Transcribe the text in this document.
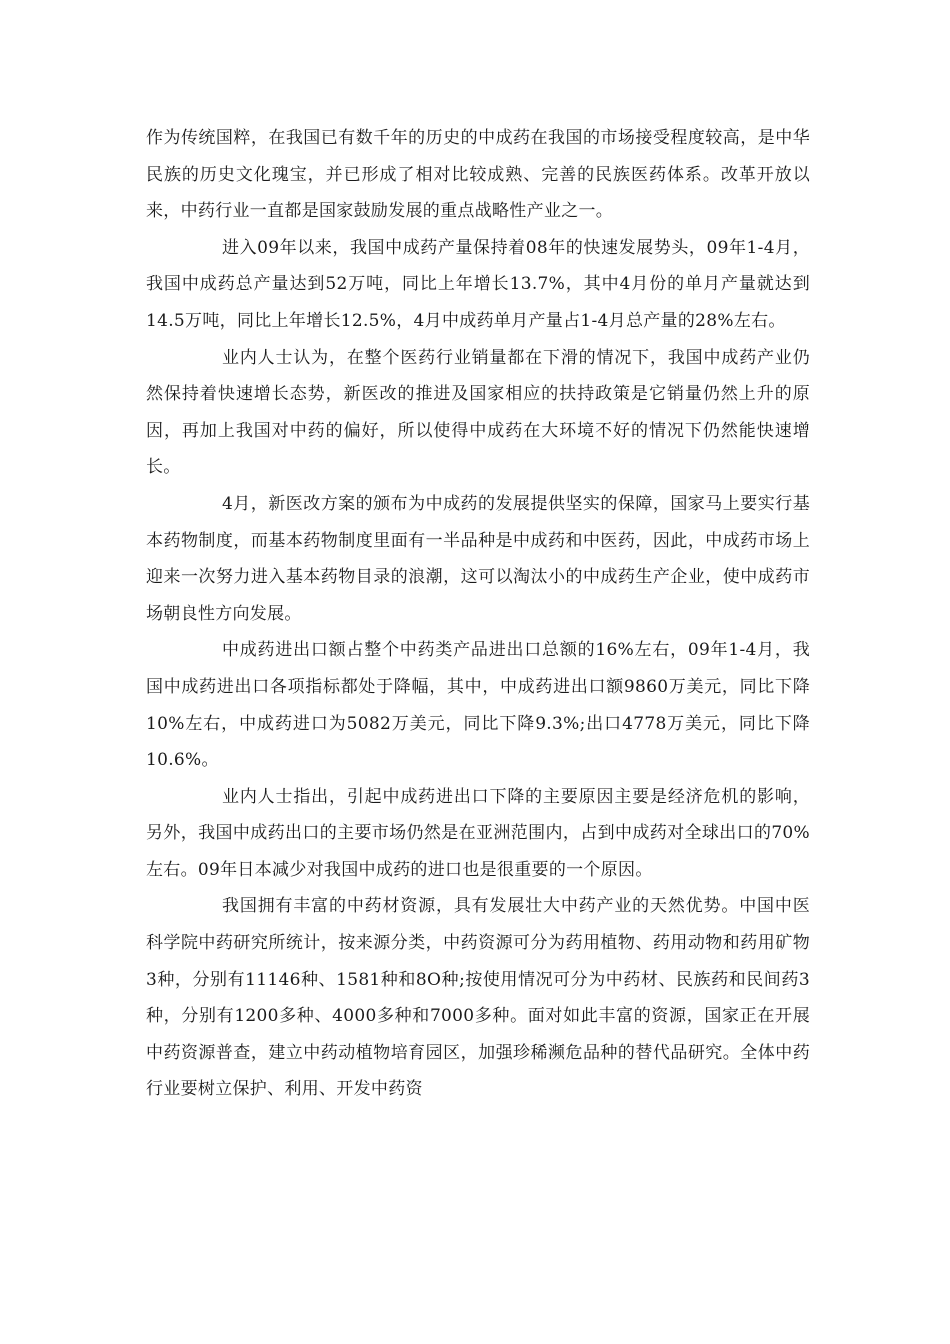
作为传统国粹，在我国已有数千年的历史的中成药在我国的市场接受程度较高，是中华民族的历史文化瑰宝，并已形成了相对比较成熟、完善的民族医药体系。改革开放以来，中药行业一直都是国家鼓励发展的重点战略性产业之一。

进入09年以来，我国中成药产量保持着08年的快速发展势头，09年1-4月，我国中成药总产量达到52万吨，同比上年增长13.7%，其中4月份的单月产量就达到14.5万吨，同比上年增长12.5%，4月中成药单月产量占1-4月总产量的28%左右。

业内人士认为，在整个医药行业销量都在下滑的情况下，我国中成药产业仍然保持着快速增长态势，新医改的推进及国家相应的扶持政策是它销量仍然上升的原因，再加上我国对中药的偏好，所以使得中成药在大环境不好的情况下仍然能快速增长。

4月，新医改方案的颁布为中成药的发展提供坚实的保障，国家马上要实行基本药物制度，而基本药物制度里面有一半品种是中成药和中医药，因此，中成药市场上迎来一次努力进入基本药物目录的浪潮，这可以淘汰小的中成药生产企业，使中成药市场朝良性方向发展。

中成药进出口额占整个中药类产品进出口总额的16%左右，09年1-4月，我国中成药进出口各项指标都处于降幅，其中，中成药进出口额9860万美元，同比下降10%左右，中成药进口为5082万美元，同比下降9.3%;出口4778万美元，同比下降10.6%。

业内人士指出，引起中成药进出口下降的主要原因主要是经济危机的影响，另外，我国中成药出口的主要市场仍然是在亚洲范围内，占到中成药对全球出口的70%左右。09年日本减少对我国中成药的进口也是很重要的一个原因。

我国拥有丰富的中药材资源，具有发展壮大中药产业的天然优势。中国中医科学院中药研究所统计，按来源分类，中药资源可分为药用植物、药用动物和药用矿物3种，分别有11146种、1581种和8O种;按使用情况可分为中药材、民族药和民间药3种，分别有1200多种、4000多种和7000多种。面对如此丰富的资源，国家正在开展中药资源普查，建立中药动植物培育园区，加强珍稀濒危品种的替代品研究。全体中药行业要树立保护、利用、开发中药资
